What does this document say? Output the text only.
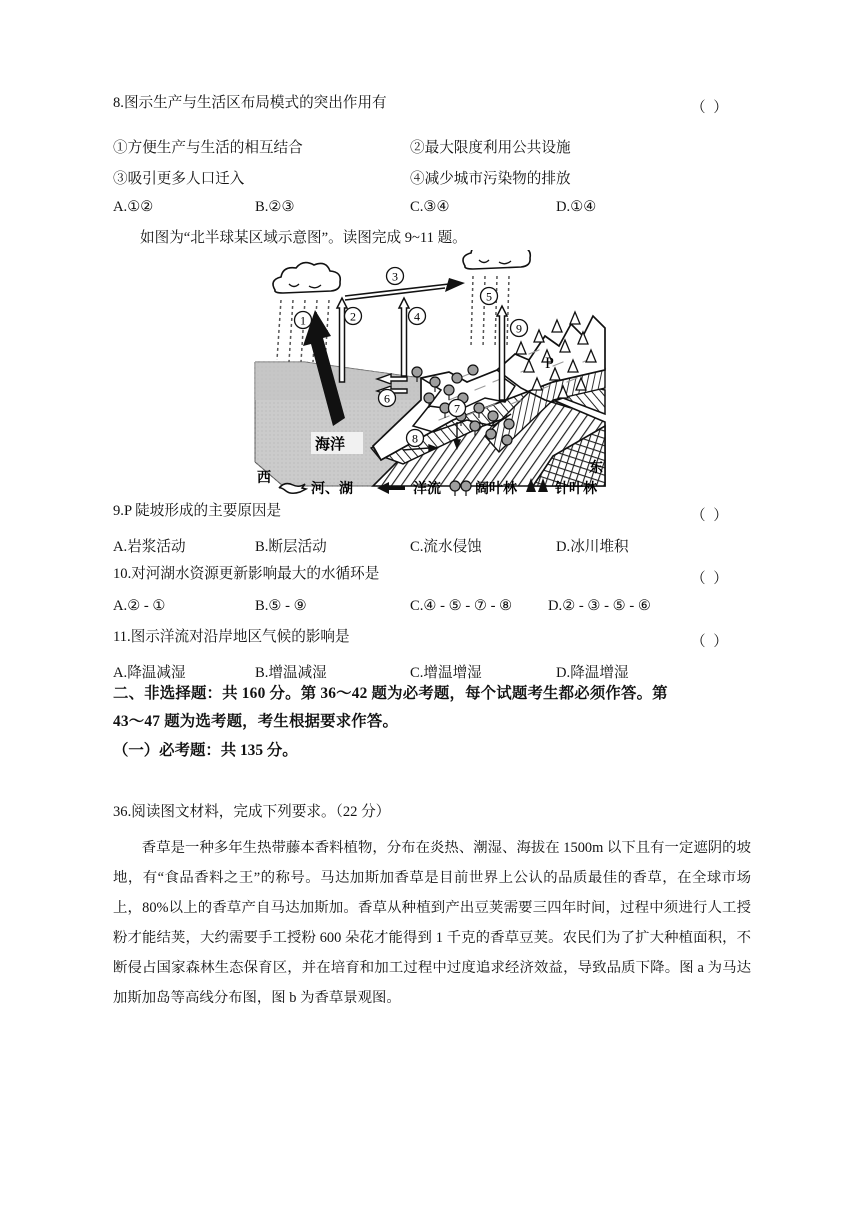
8.图示生产与生活区布局模式的突出作用有	（ ）
①方便生产与生活的相互结合	②最大限度利用公共设施
③吸引更多人口迁入	④减少城市污染物的排放
A.①②	B.②③	C.③④	D.①④
如图为“北半球某区域示意图”。读图完成 9~11 题。
1	2
3
4
5
6
7
8
9
P
海洋
西
东
河、湖	洋流 阔叶林	针叶林
9.P 陡坡形成的主要原因是	（ ）
A.岩浆活动	B.断层活动	C.流水侵蚀	D.冰川堆积
10.对河湖水资源更新影响最大的水循环是	（ ）
A.② - ①	B.⑤ - ⑨	C.④ - ⑤ - ⑦ - ⑧ D.② - ③ - ⑤ - ⑥
11.图示洋流对沿岸地区气候的影响是	（ ）
A.降温减湿	B.增温减湿	C.增温增湿	D.降温增湿
二、非选择题：共 160 分。第 36～42 题为必考题，每个试题考生都必须作答。第
43～47 题为选考题，考生根据要求作答。
（一）必考题：共 135 分。
36.阅读图文材料，完成下列要求。（22 分）
香草是一种多年生热带藤本香料植物，分布在炎热、潮湿、海拔在 1500m 以下且有一定遮阴的坡地，有“食品香料之王”的称号。马达加斯加香草是目前世界上公认的品质最佳的香草，在全球市场上，80%以上的香草产自马达加斯加。香草从种植到产出豆荚需要三四年时间，过程中须进行人工授粉才能结荚，大约需要手工授粉 600 朵花才能得到 1 千克的香草豆荚。农民们为了扩大种植面积，不断侵占国家森林生态保育区，并在培育和加工过程中过度追求经济效益，导致品质下降。图 a 为马达加斯加岛等高线分布图，图 b 为香草景观图。
